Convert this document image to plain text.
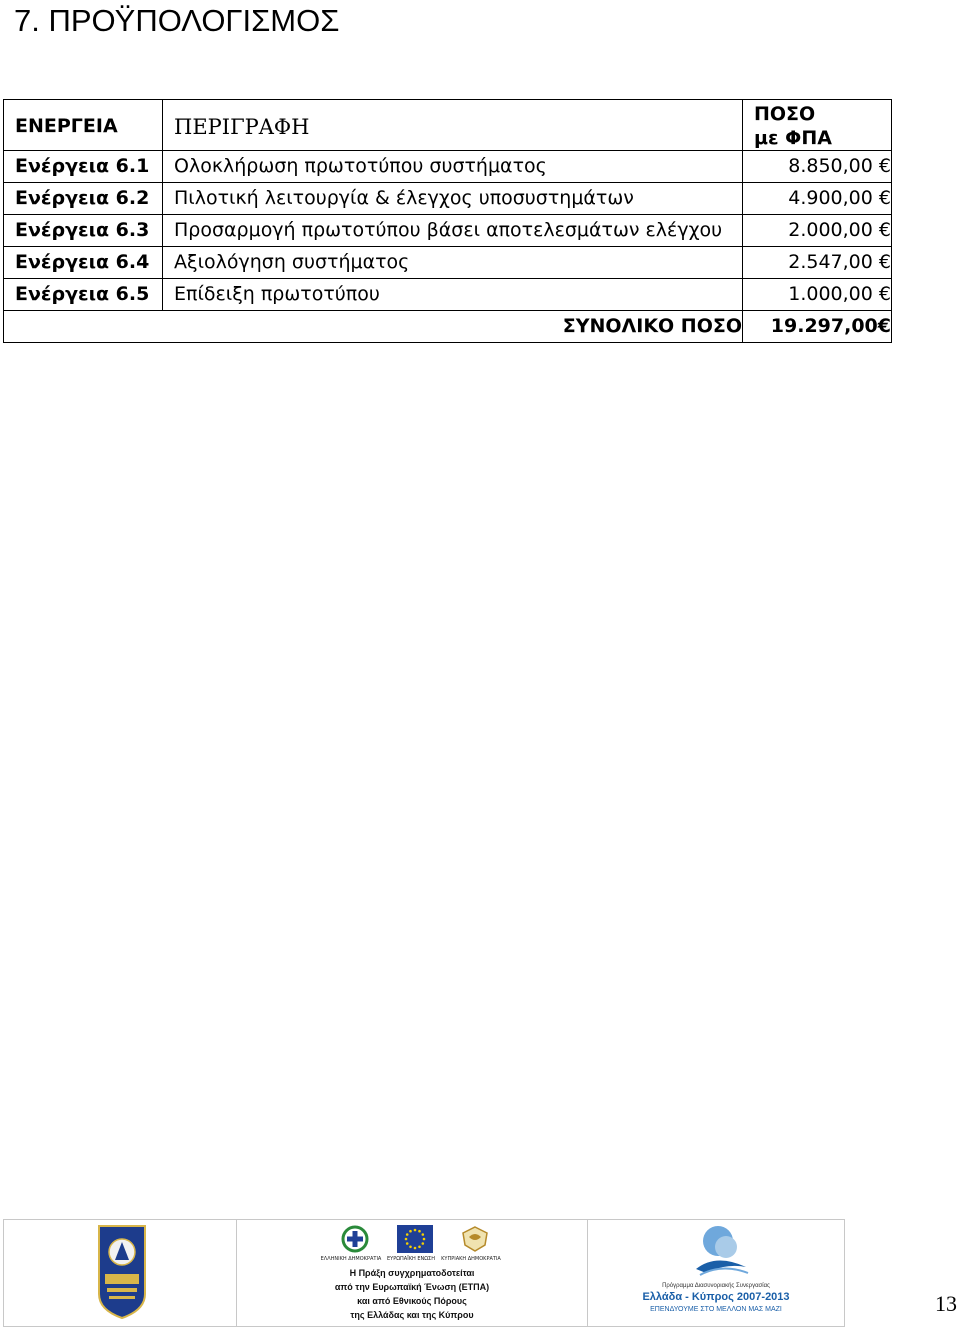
7. ΠΡΟΫΠΟΛΟΓΙΣΜΟΣ
ΕΝΕΡΓΕΙΑ	ΠΕΡΙΓΡΑΦΗ	ΠΟΣΟ
με ΦΠΑ

Ενέργεια 6.1	Ολοκλήρωση πρωτοτύπου συστήματος	8.850,00 €
Ενέργεια 6.2	Πιλοτική λειτουργία & έλεγχος υποσυστημάτων	4.900,00 €
Ενέργεια 6.3	Προσαρμογή πρωτοτύπου βάσει αποτελεσμάτων ελέγχου	2.000,00 €
Ενέργεια 6.4	Αξιολόγηση συστήματος	2.547,00 €
Ενέργεια 6.5	Επίδειξη πρωτοτύπου	1.000,00 €
ΣΥΝΟΛΙΚΟ ΠΟΣΟ		19.297,00€
ΕΛΛΗΝΙΚΗ ΔΗΜΟΚΡΑΤΙΑ	ΕΥΡΩΠΑΪΚΗ ΕΝΩΣΗ	ΚΥΠΡΙΑΚΗ ΔΗΜΟΚΡΑΤΙΑ
Η Πράξη συγχρηματοδοτείται
από την Ευρωπαϊκή Ένωση (ΕΤΠΑ)
και από Εθνικούς Πόρους
της Ελλάδας και της Κύπρου
Πρόγραμμα Διασυνοριακής Συνεργασίας
Ελλάδα - Κύπρος 2007-2013
ΕΠΕΝΔΥΟΥΜΕ ΣΤΟ ΜΕΛΛΟΝ ΜΑΣ ΜΑΖΙ	13
